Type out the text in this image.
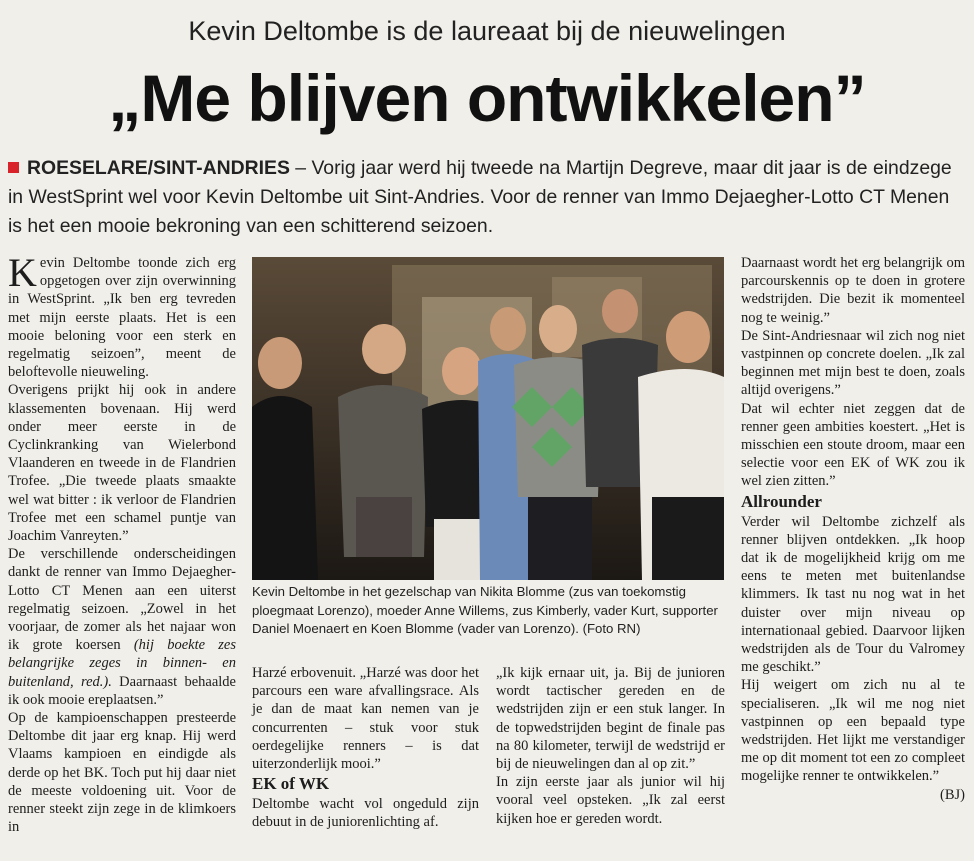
Kevin Deltombe is de laureaat bij de nieuwelingen
„Me blijven ontwikkelen”
ROESELARE/SINT-ANDRIES – Vorig jaar werd hij tweede na Martijn Degreve, maar dit jaar is de eindzege in WestSprint wel voor Kevin Deltombe uit Sint-Andries. Voor de renner van Immo Dejaegher-Lotto CT Menen is het een mooie bekroning van een schitterend seizoen.

Kevin Deltombe toonde zich erg opgetogen over zijn overwinning in WestSprint. „Ik ben erg tevreden met mijn eerste plaats. Het is een mooie beloning voor een sterk en regelmatig seizoen”, meent de beloftevolle nieuweling.

Overigens prijkt hij ook in andere klassementen bovenaan. Hij werd onder meer eerste in de Cyclinkranking van Wielerbond Vlaanderen en tweede in de Flandrien Trofee. „Die tweede plaats smaakte wel wat bitter : ik verloor de Flandrien Trofee met een schamel puntje van Joachim Vanreyten.”

De verschillende onderscheidingen dankt de renner van Immo Dejaegher-Lotto CT Menen aan een uiterst regelmatig seizoen. „Zowel in het voorjaar, de zomer als het najaar won ik grote koersen (hij boekte zes belangrijke zeges in binnen- en buitenland, red.). Daarnaast behaalde ik ook mooie ereplaatsen.”

Op de kampioenschappen presteerde Deltombe dit jaar erg knap. Hij werd Vlaams kampioen en eindigde als derde op het BK. Toch put hij daar niet de meeste voldoening uit. Voor de renner steekt zijn zege in de klimkoers in

Kevin Deltombe in het gezelschap van Nikita Blomme (zus van toekomstig ploegmaat Lorenzo), moeder Anne Willems, zus Kimberly, vader Kurt, supporter Daniel Moenaert en Koen Blomme (vader van Lorenzo). (Foto RN)

Harzé erbovenuit. „Harzé was door het parcours een ware afvallingsrace. Als je dan de maat kan nemen van je concurrenten – stuk voor stuk oerdegelijke renners – is dat uiterzonderlijk mooi.”

EK of WK

Deltombe wacht vol ongeduld zijn debuut in de juniorenlichting af.

„Ik kijk ernaar uit, ja. Bij de junioren wordt tactischer gereden en de wedstrijden zijn er een stuk langer. In de topwedstrijden begint de finale pas na 80 kilometer, terwijl de wedstrijd er bij de nieuwelingen dan al op zit.”

In zijn eerste jaar als junior wil hij vooral veel opsteken. „Ik zal eerst kijken hoe er gereden wordt.

Daarnaast wordt het erg belangrijk om parcourskennis op te doen in grotere wedstrijden. Die bezit ik momenteel nog te weinig.”

De Sint-Andriesnaar wil zich nog niet vastpinnen op concrete doelen. „Ik zal beginnen met mijn best te doen, zoals altijd overigens.”

Dat wil echter niet zeggen dat de renner geen ambities koestert. „Het is misschien een stoute droom, maar een selectie voor een EK of WK zou ik wel zien zitten.”

Allrounder

Verder wil Deltombe zichzelf als renner blijven ontdekken. „Ik hoop dat ik de mogelijkheid krijg om me eens te meten met buitenlandse klimmers. Ik tast nu nog wat in het duister over mijn niveau op internationaal gebied. Daarvoor lijken wedstrijden als de Tour du Valromey me geschikt.”

Hij weigert om zich nu al te specialiseren. „Ik wil me nog niet vastpinnen op een bepaald type wedstrijden. Het lijkt me verstandiger me op dit moment tot een zo compleet mogelijke renner te ontwikkelen.”

(BJ)
